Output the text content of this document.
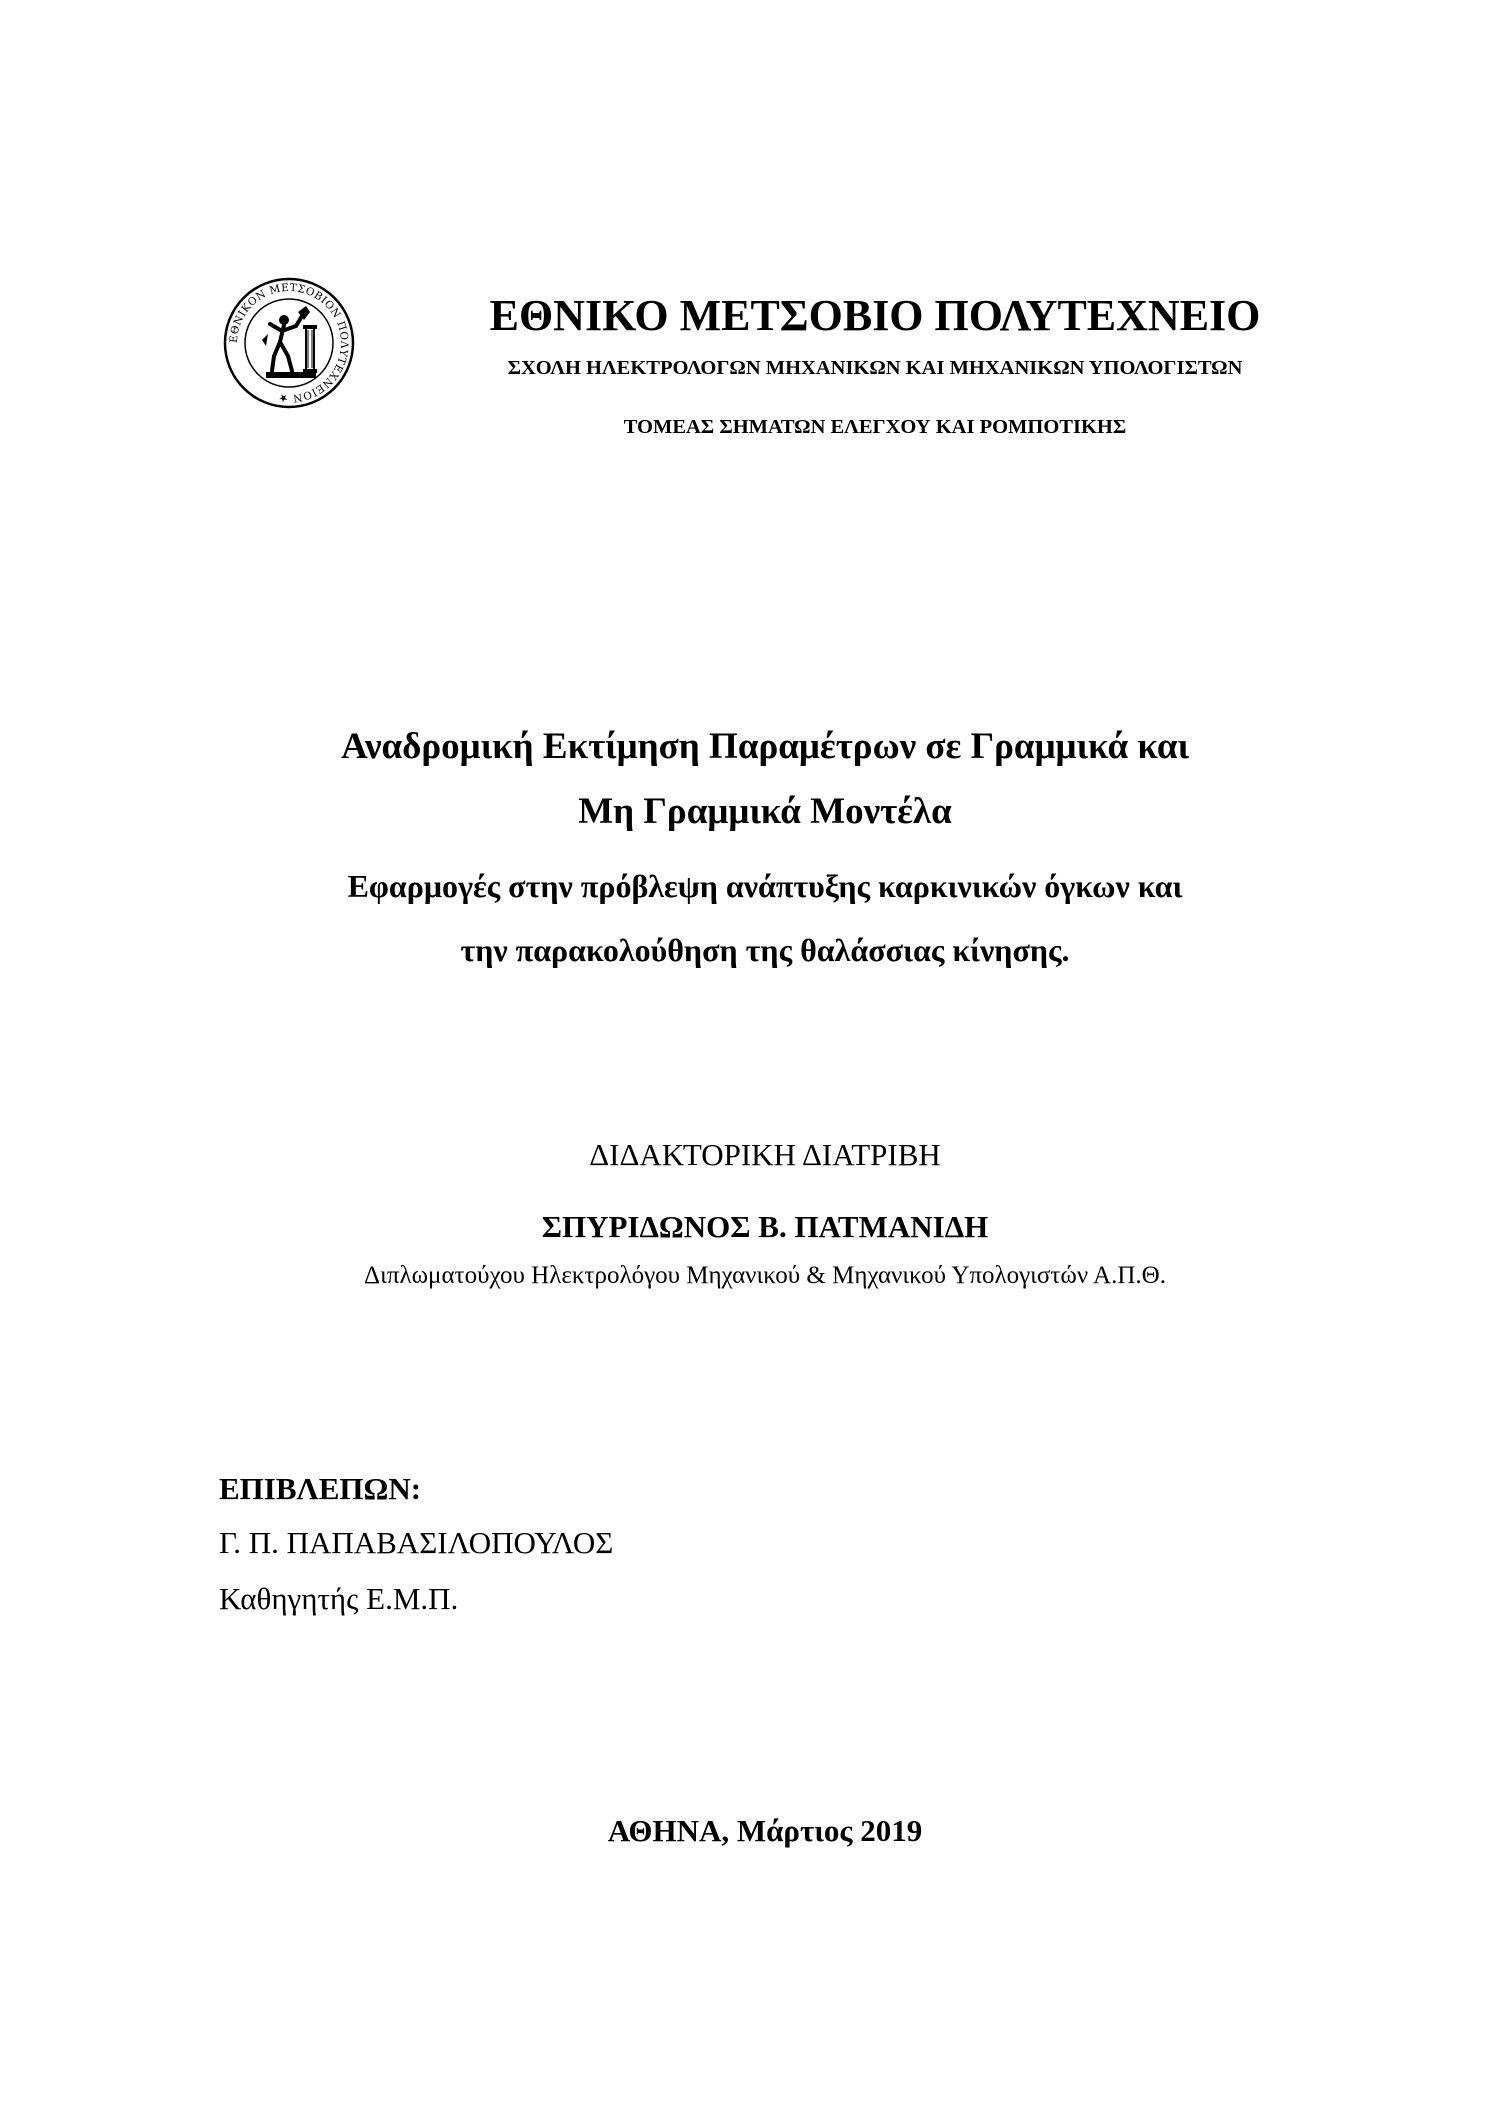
ΕΘΝΙΚΟΝ ΜΕΤΣΟΒΙΟΝ ΠΟΛΥΤΕΧΝΕΙΟΝ ★
ΕΘΝΙΚΟ ΜΕΤΣΟΒΙΟ ΠΟΛΥΤΕΧΝΕΙΟ

ΣΧΟΛΗ ΗΛΕΚΤΡΟΛΟΓΩΝ ΜΗΧΑΝΙΚΩΝ ΚΑΙ ΜΗΧΑΝΙΚΩΝ ΥΠΟΛΟΓΙΣΤΩΝ

ΤΟΜΕΑΣ ΣΗΜΑΤΩΝ ΕΛΕΓΧΟΥ ΚΑΙ ΡΟΜΠΟΤΙΚΗΣ

Αναδρομική Εκτίμηση Παραμέτρων σε Γραμμικά και

Μη Γραμμικά Μοντέλα

Εφαρμογές στην πρόβλεψη ανάπτυξης καρκινικών όγκων και

την παρακολούθηση της θαλάσσιας κίνησης.

ΔΙΔΑΚΤΟΡΙΚΗ ΔΙΑΤΡΙΒΗ

ΣΠΥΡΙΔΩΝΟΣ Β. ΠΑΤΜΑΝΙΔΗ

Διπλωματούχου Ηλεκτρολόγου Μηχανικού & Μηχανικού Υπολογιστών Α.Π.Θ.

ΕΠΙΒΛΕΠΩΝ:

Γ. Π. ΠΑΠΑΒΑΣΙΛΟΠΟΥΛΟΣ

Καθηγητής Ε.Μ.Π.

ΑΘΗΝΑ, Μάρτιος 2019
